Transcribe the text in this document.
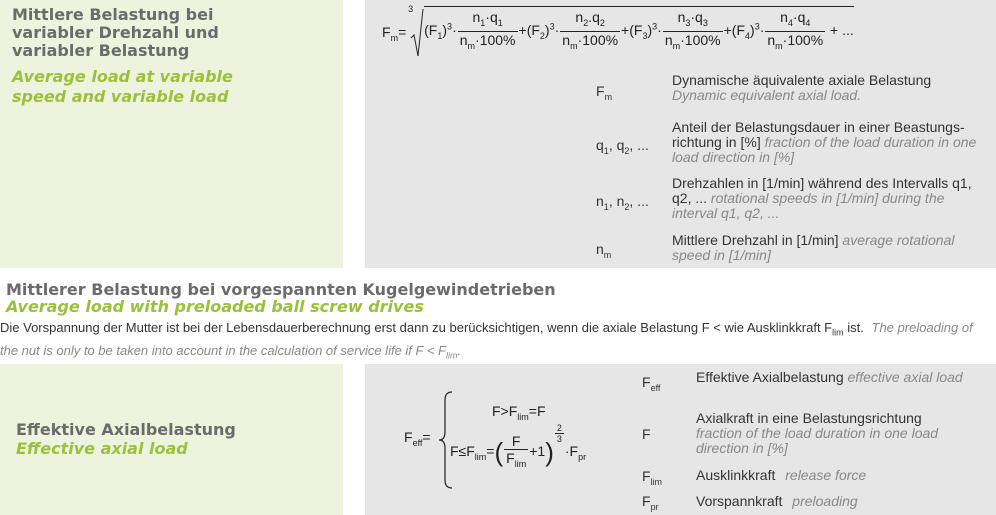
Mittlere Belastung bei variabler Drehzahl und variabler Belastung
Average load at variable speed and variable load
$F_m=$
3
$(F_1)^3\cdot \frac{n_1\cdot q_1}{n_m\cdot 100\%} +(F_2)^3\cdot \frac{n_2.q_2}{n_m\cdot 100\%} +(F_3)^3\cdot \frac{n_3\cdot q_3}{n_m\cdot 100\%} +(F_4)^3\cdot \frac{n_4\cdot q_4}{n_m\cdot 100\%}$ + ...
$F_m$
Dynamische äquivalente axiale Belastung
Dynamic equivalent axial load.
$q_1$, $q_2$, ...
Anteil der Belastungsdauer in einer Beastungs-richtung in [%] fraction of the load duration in one load direction in [%]
$n_1$, $n_2$, ...
Drehzahlen in [1/min] während des Intervalls q1, q2, ... rotational speeds in [1/min] during the interval q1, q2, ...
$n_m$
Mittlere Drehzahl in [1/min] average rotational speed in [1/min]
Mittlerer Belastung bei vorgespannten Kugelgewindetrieben
Average load with preloaded ball screw drives
Die Vorspannung der Mutter ist bei der Lebensdauerberechnung erst dann zu berücksichtigen, wenn die axiale Belastung F < wie Ausklinkkraft $F_{lim}$ ist. The preloading of the nut is only to be taken into account in the calculation of service life if $F < F_{lim}$.
Effektive Axialbelastung
Effective axial load
$F_{eff}=$
$F>F_{lim}=F$
$F\le F_{lim}=( \frac{F}{F_{lim}} +1)$
$\frac{2}{3}$
$\cdot F_{pr}$
$F_{eff}$
Effektive Axialbelastung effective axial load
F
Axialkraft in eine Belastungsrichtung
fraction of the load duration in one load direction in [%]
$F_{lim}$ Ausklinkkraft release force
$F_{pr}$	Vorspannkraft preloading
